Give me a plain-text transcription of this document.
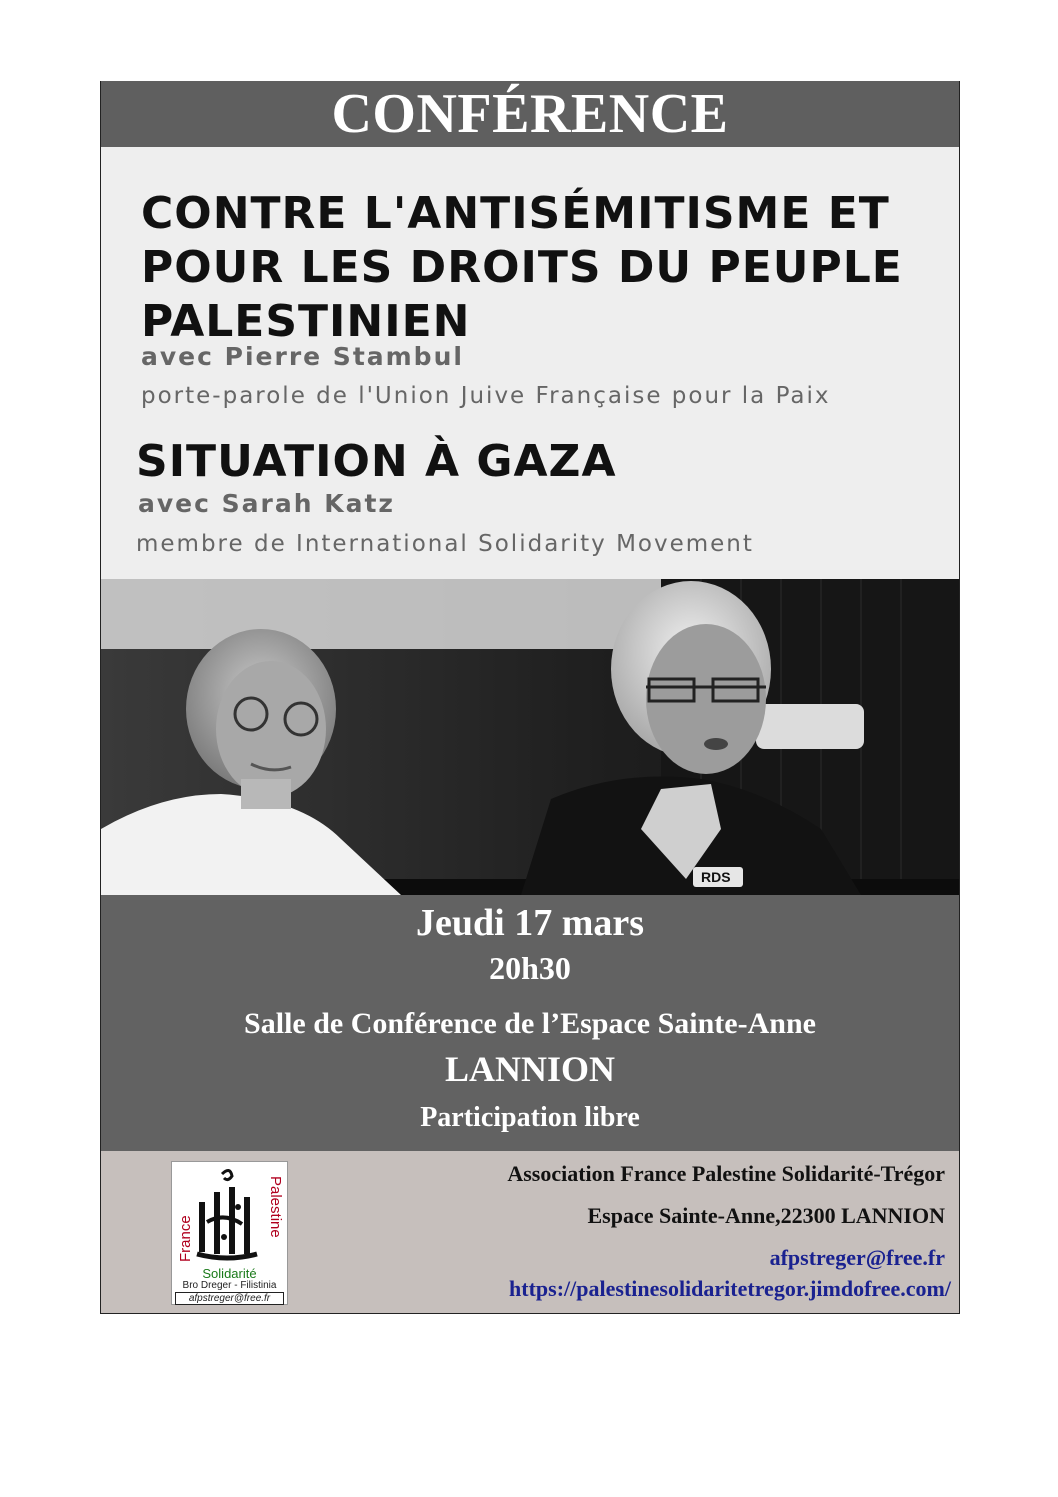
CONFÉRENCE
CONTRE L'ANTISÉMITISME ET POUR LES DROITS DU PEUPLE PALESTINIEN
avec Pierre Stambul
porte-parole de l'Union Juive Française pour la Paix
SITUATION À GAZA
avec Sarah Katz
membre de International Solidarity Movement
RDS
Jeudi 17 mars
20h30
Salle de Conférence de l’Espace Sainte-Anne
LANNION
Participation libre
France
Palestine
Solidarité
Bro Dreger - Filistinia
afpstreger@free.fr
Association France Palestine Solidarité-Trégor
Espace Sainte-Anne,22300 LANNION
afpstreger@free.fr
https://palestinesolidaritetregor.jimdofree.com/
